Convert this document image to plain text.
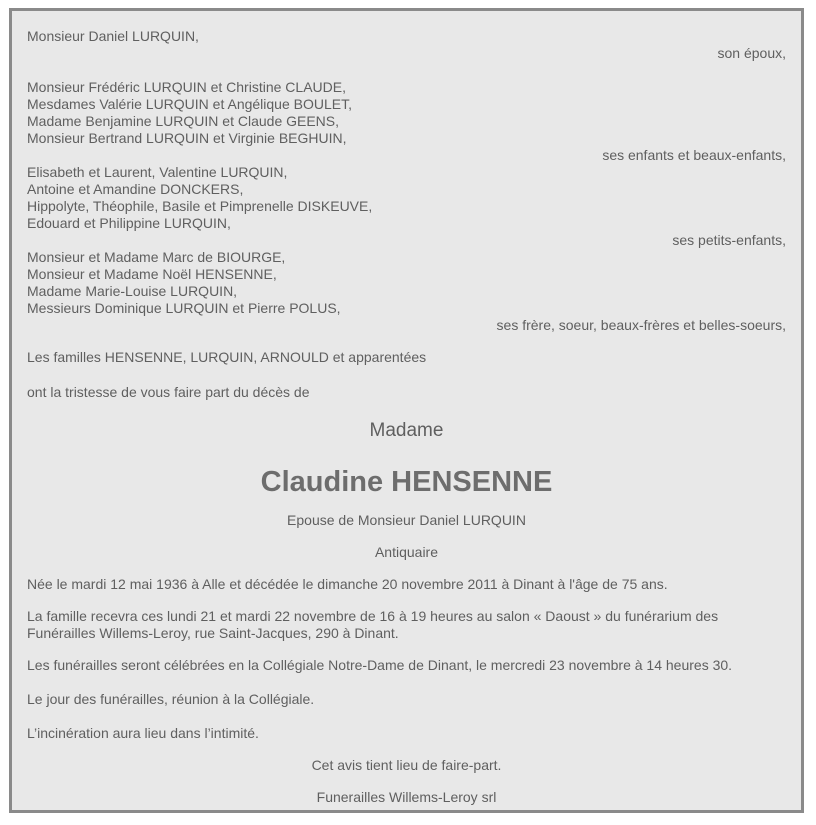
Monsieur Daniel LURQUIN,
son époux,
Monsieur Frédéric LURQUIN et Christine CLAUDE,
Mesdames Valérie LURQUIN et Angélique BOULET,
Madame Benjamine LURQUIN et Claude GEENS,
Monsieur Bertrand LURQUIN et Virginie BEGHUIN,
ses enfants et beaux-enfants,
Elisabeth et Laurent, Valentine LURQUIN,
Antoine et Amandine DONCKERS,
Hippolyte, Théophile, Basile et Pimprenelle DISKEUVE,
Edouard et Philippine LURQUIN,
ses petits-enfants,
Monsieur et Madame Marc de BIOURGE,
Monsieur et Madame Noël HENSENNE,
Madame Marie-Louise LURQUIN,
Messieurs Dominique LURQUIN et Pierre POLUS,
ses frère, soeur, beaux-frères et belles-soeurs,
Les familles HENSENNE, LURQUIN, ARNOULD et apparentées
ont la tristesse de vous faire part du décès de
Madame
Claudine HENSENNE
Epouse de Monsieur Daniel LURQUIN
Antiquaire
Née le mardi 12 mai 1936 à Alle et décédée le dimanche 20 novembre 2011 à Dinant à l'âge de 75 ans.
La famille recevra ces lundi 21 et mardi 22 novembre de 16 à 19 heures au salon « Daoust » du funérarium des Funérailles Willems-Leroy, rue Saint-Jacques, 290 à Dinant.
Les funérailles seront célébrées en la Collégiale Notre-Dame de Dinant, le mercredi 23 novembre à 14 heures 30.
Le jour des funérailles, réunion à la Collégiale.
L’incinération aura lieu dans l’intimité.
Cet avis tient lieu de faire-part.
Funerailles Willems-Leroy srl
